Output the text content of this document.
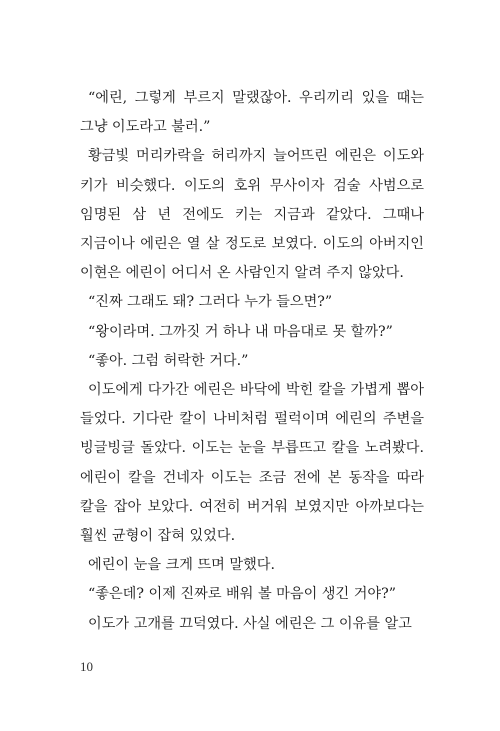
“에린, 그렇게 부르지 말랬잖아. 우리끼리 있을 때는 그냥 이도라고 불러.”

황금빛 머리카락을 허리까지 늘어뜨린 에린은 이도와 키가 비슷했다. 이도의 호위 무사이자 검술 사범으로 임명된 삼 년 전에도 키는 지금과 같았다. 그때나 지금이나 에린은 열 살 정도로 보였다. 이도의 아버지인 이현은 에린이 어디서 온 사람인지 알려 주지 않았다.

“진짜 그래도 돼? 그러다 누가 들으면?”

“왕이라며. 그까짓 거 하나 내 마음대로 못 할까?”

“좋아. 그럼 허락한 거다.”

이도에게 다가간 에린은 바닥에 박힌 칼을 가볍게 뽑아 들었다. 기다란 칼이 나비처럼 펄럭이며 에린의 주변을 빙글빙글 돌았다. 이도는 눈을 부릅뜨고 칼을 노려봤다. 에린이 칼을 건네자 이도는 조금 전에 본 동작을 따라 칼을 잡아 보았다. 여전히 버거워 보였지만 아까보다는 훨씬 균형이 잡혀 있었다.

에린이 눈을 크게 뜨며 말했다.

“좋은데? 이제 진짜로 배워 볼 마음이 생긴 거야?”

이도가 고개를 끄덕였다. 사실 에린은 그 이유를 알고

10
